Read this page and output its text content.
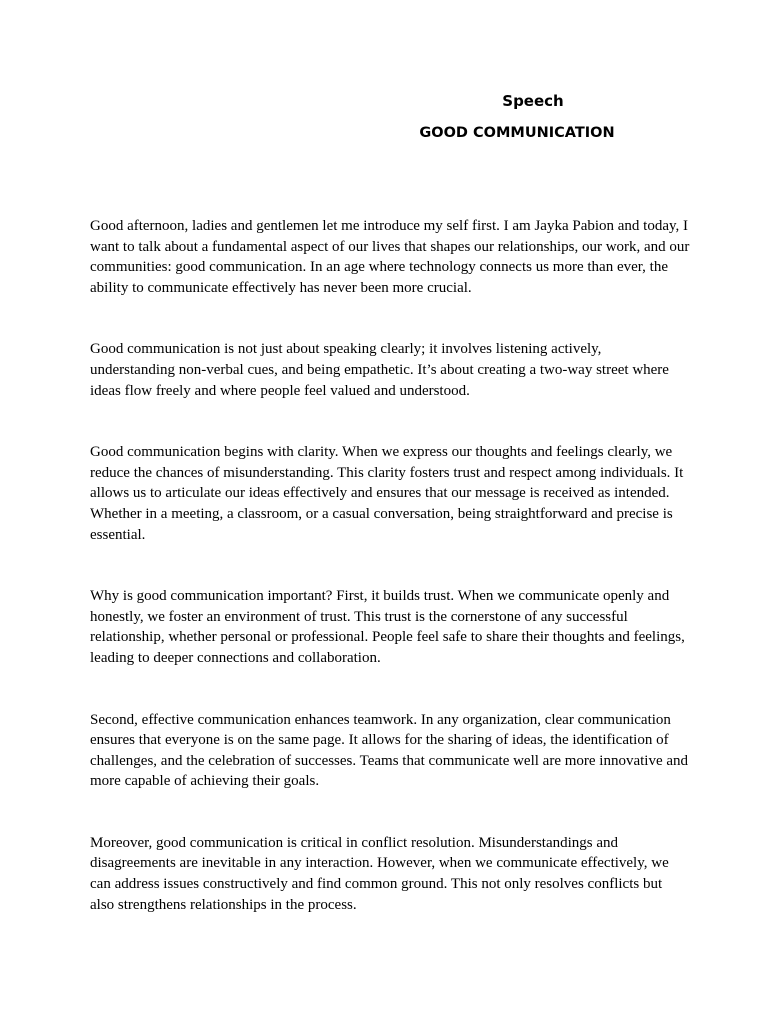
Speech
GOOD COMMUNICATION

Good afternoon, ladies and gentlemen let me introduce my self first. I am Jayka Pabion and today, I want to talk about a fundamental aspect of our lives that shapes our relationships, our work, and our communities: good communication. In an age where technology connects us more than ever, the ability to communicate effectively has never been more crucial.

Good communication is not just about speaking clearly; it involves listening actively, understanding non-verbal cues, and being empathetic. It’s about creating a two-way street where ideas flow freely and where people feel valued and understood.

Good communication begins with clarity. When we express our thoughts and feelings clearly, we reduce the chances of misunderstanding. This clarity fosters trust and respect among individuals. It allows us to articulate our ideas effectively and ensures that our message is received as intended. Whether in a meeting, a classroom, or a casual conversation, being straightforward and precise is essential.

Why is good communication important? First, it builds trust. When we communicate openly and honestly, we foster an environment of trust. This trust is the cornerstone of any successful relationship, whether personal or professional. People feel safe to share their thoughts and feelings, leading to deeper connections and collaboration.

Second, effective communication enhances teamwork. In any organization, clear communication ensures that everyone is on the same page. It allows for the sharing of ideas, the identification of challenges, and the celebration of successes. Teams that communicate well are more innovative and more capable of achieving their goals.

Moreover, good communication is critical in conflict resolution. Misunderstandings and disagreements are inevitable in any interaction. However, when we communicate effectively, we can address issues constructively and find common ground. This not only resolves conflicts but also strengthens relationships in the process.
